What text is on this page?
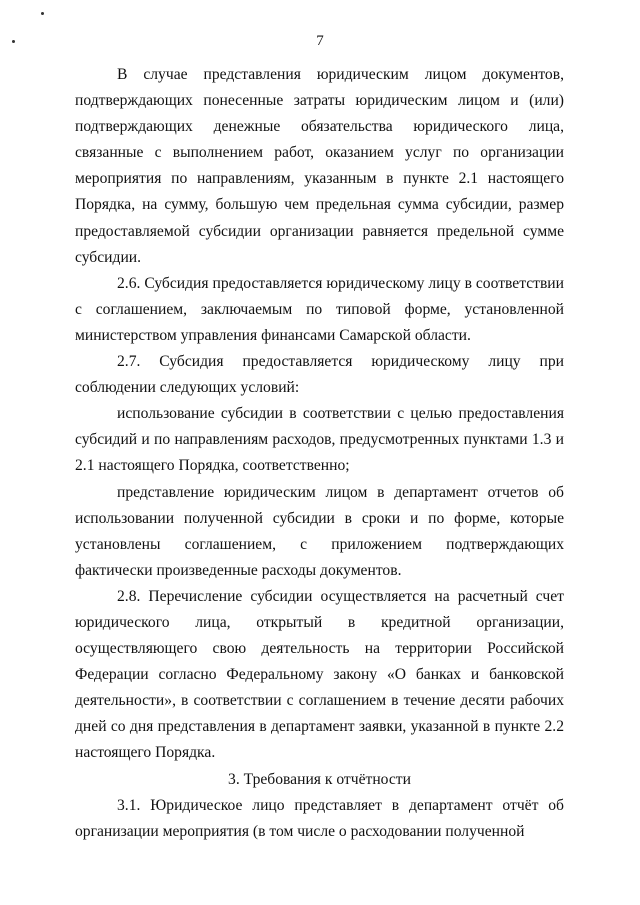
7

В случае представления юридическим лицом документов, подтверждающих понесенные затраты юридическим лицом и (или) подтверждающих денежные обязательства юридического лица, связанные с выполнением работ, оказанием услуг по организации мероприятия по направлениям, указанным в пункте 2.1 настоящего Порядка, на сумму, большую чем предельная сумма субсидии, размер предоставляемой субсидии организации равняется предельной сумме субсидии.

2.6. Субсидия предоставляется юридическому лицу в соответствии с соглашением, заключаемым по типовой форме, установленной министерством управления финансами Самарской области.

2.7. Субсидия предоставляется юридическому лицу при соблюдении следующих условий:

использование субсидии в соответствии с целью предоставления субсидий и по направлениям расходов, предусмотренных пунктами 1.3 и 2.1 настоящего Порядка, соответственно;

представление юридическим лицом в департамент отчетов об использовании полученной субсидии в сроки и по форме, которые установлены соглашением, с приложением подтверждающих фактически произведенные расходы документов.

2.8. Перечисление субсидии осуществляется на расчетный счет юридического лица, открытый в кредитной организации, осуществляющего свою деятельность на территории Российской Федерации согласно Федеральному закону «О банках и банковской деятельности», в соответствии с соглашением в течение десяти рабочих дней со дня представления в департамент заявки, указанной в пункте 2.2 настоящего Порядка.

3. Требования к отчётности

3.1. Юридическое лицо представляет в департамент отчёт об организации мероприятия (в том числе о расходовании полученной
